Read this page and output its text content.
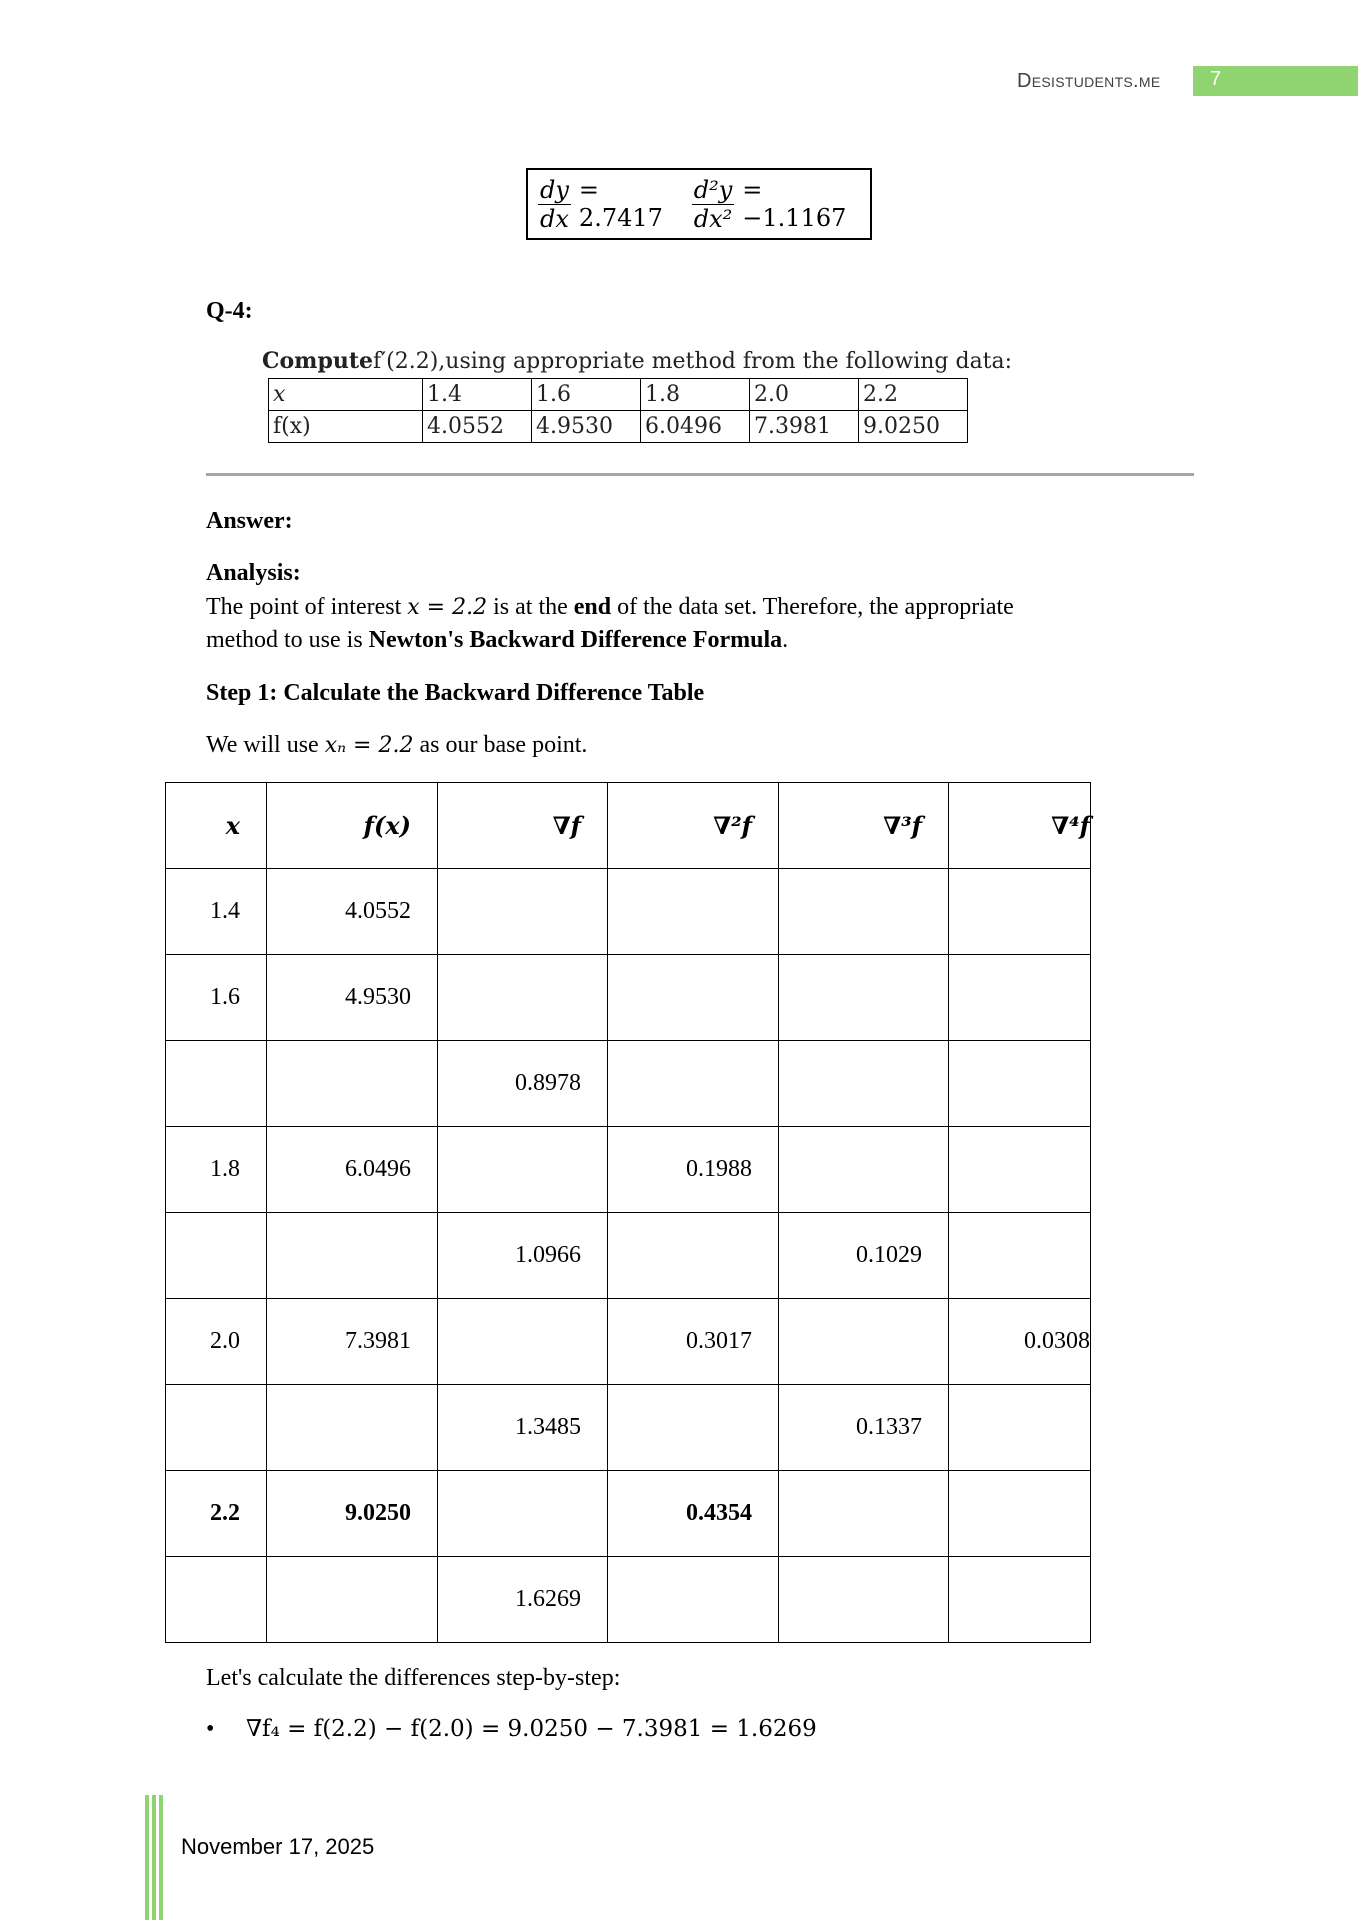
Desistudents.me 7
$\frac{dy}{dx} = 2.7417$	$\frac{\text{d²y}}{\text{dx²}} = -1.1167$
Q-4:
Computef′(2.2),using appropriate method from the following data:
x	1.4	1.6	1.8	2.0	2.2
f(x)	4.0552	4.9530	6.0496	7.3981	9.0250
Answer:
Analysis:
The point of interest x = 2.2 is at the end of the data set. Therefore, the appropriate
method to use is Newton's Backward Difference Formula.
Step 1: Calculate the Backward Difference Table
We will use xₙ = 2.2 as our base point.
x	f(x)	∇f	∇²f	∇³f	∇⁴f
1.4	4.0552				
1.6	4.9530				
		0.8978			
1.8	6.0496		0.1988		
		1.0966		0.1029	
2.0	7.3981		0.3017		0.0308
		1.3485		0.1337	
2.2	9.0250		0.4354		
		1.6269			
Let's calculate the differences step-by-step:
• ∇f₄ = f(2.2) − f(2.0) = 9.0250 − 7.3981 = 1.6269
November 17, 2025
